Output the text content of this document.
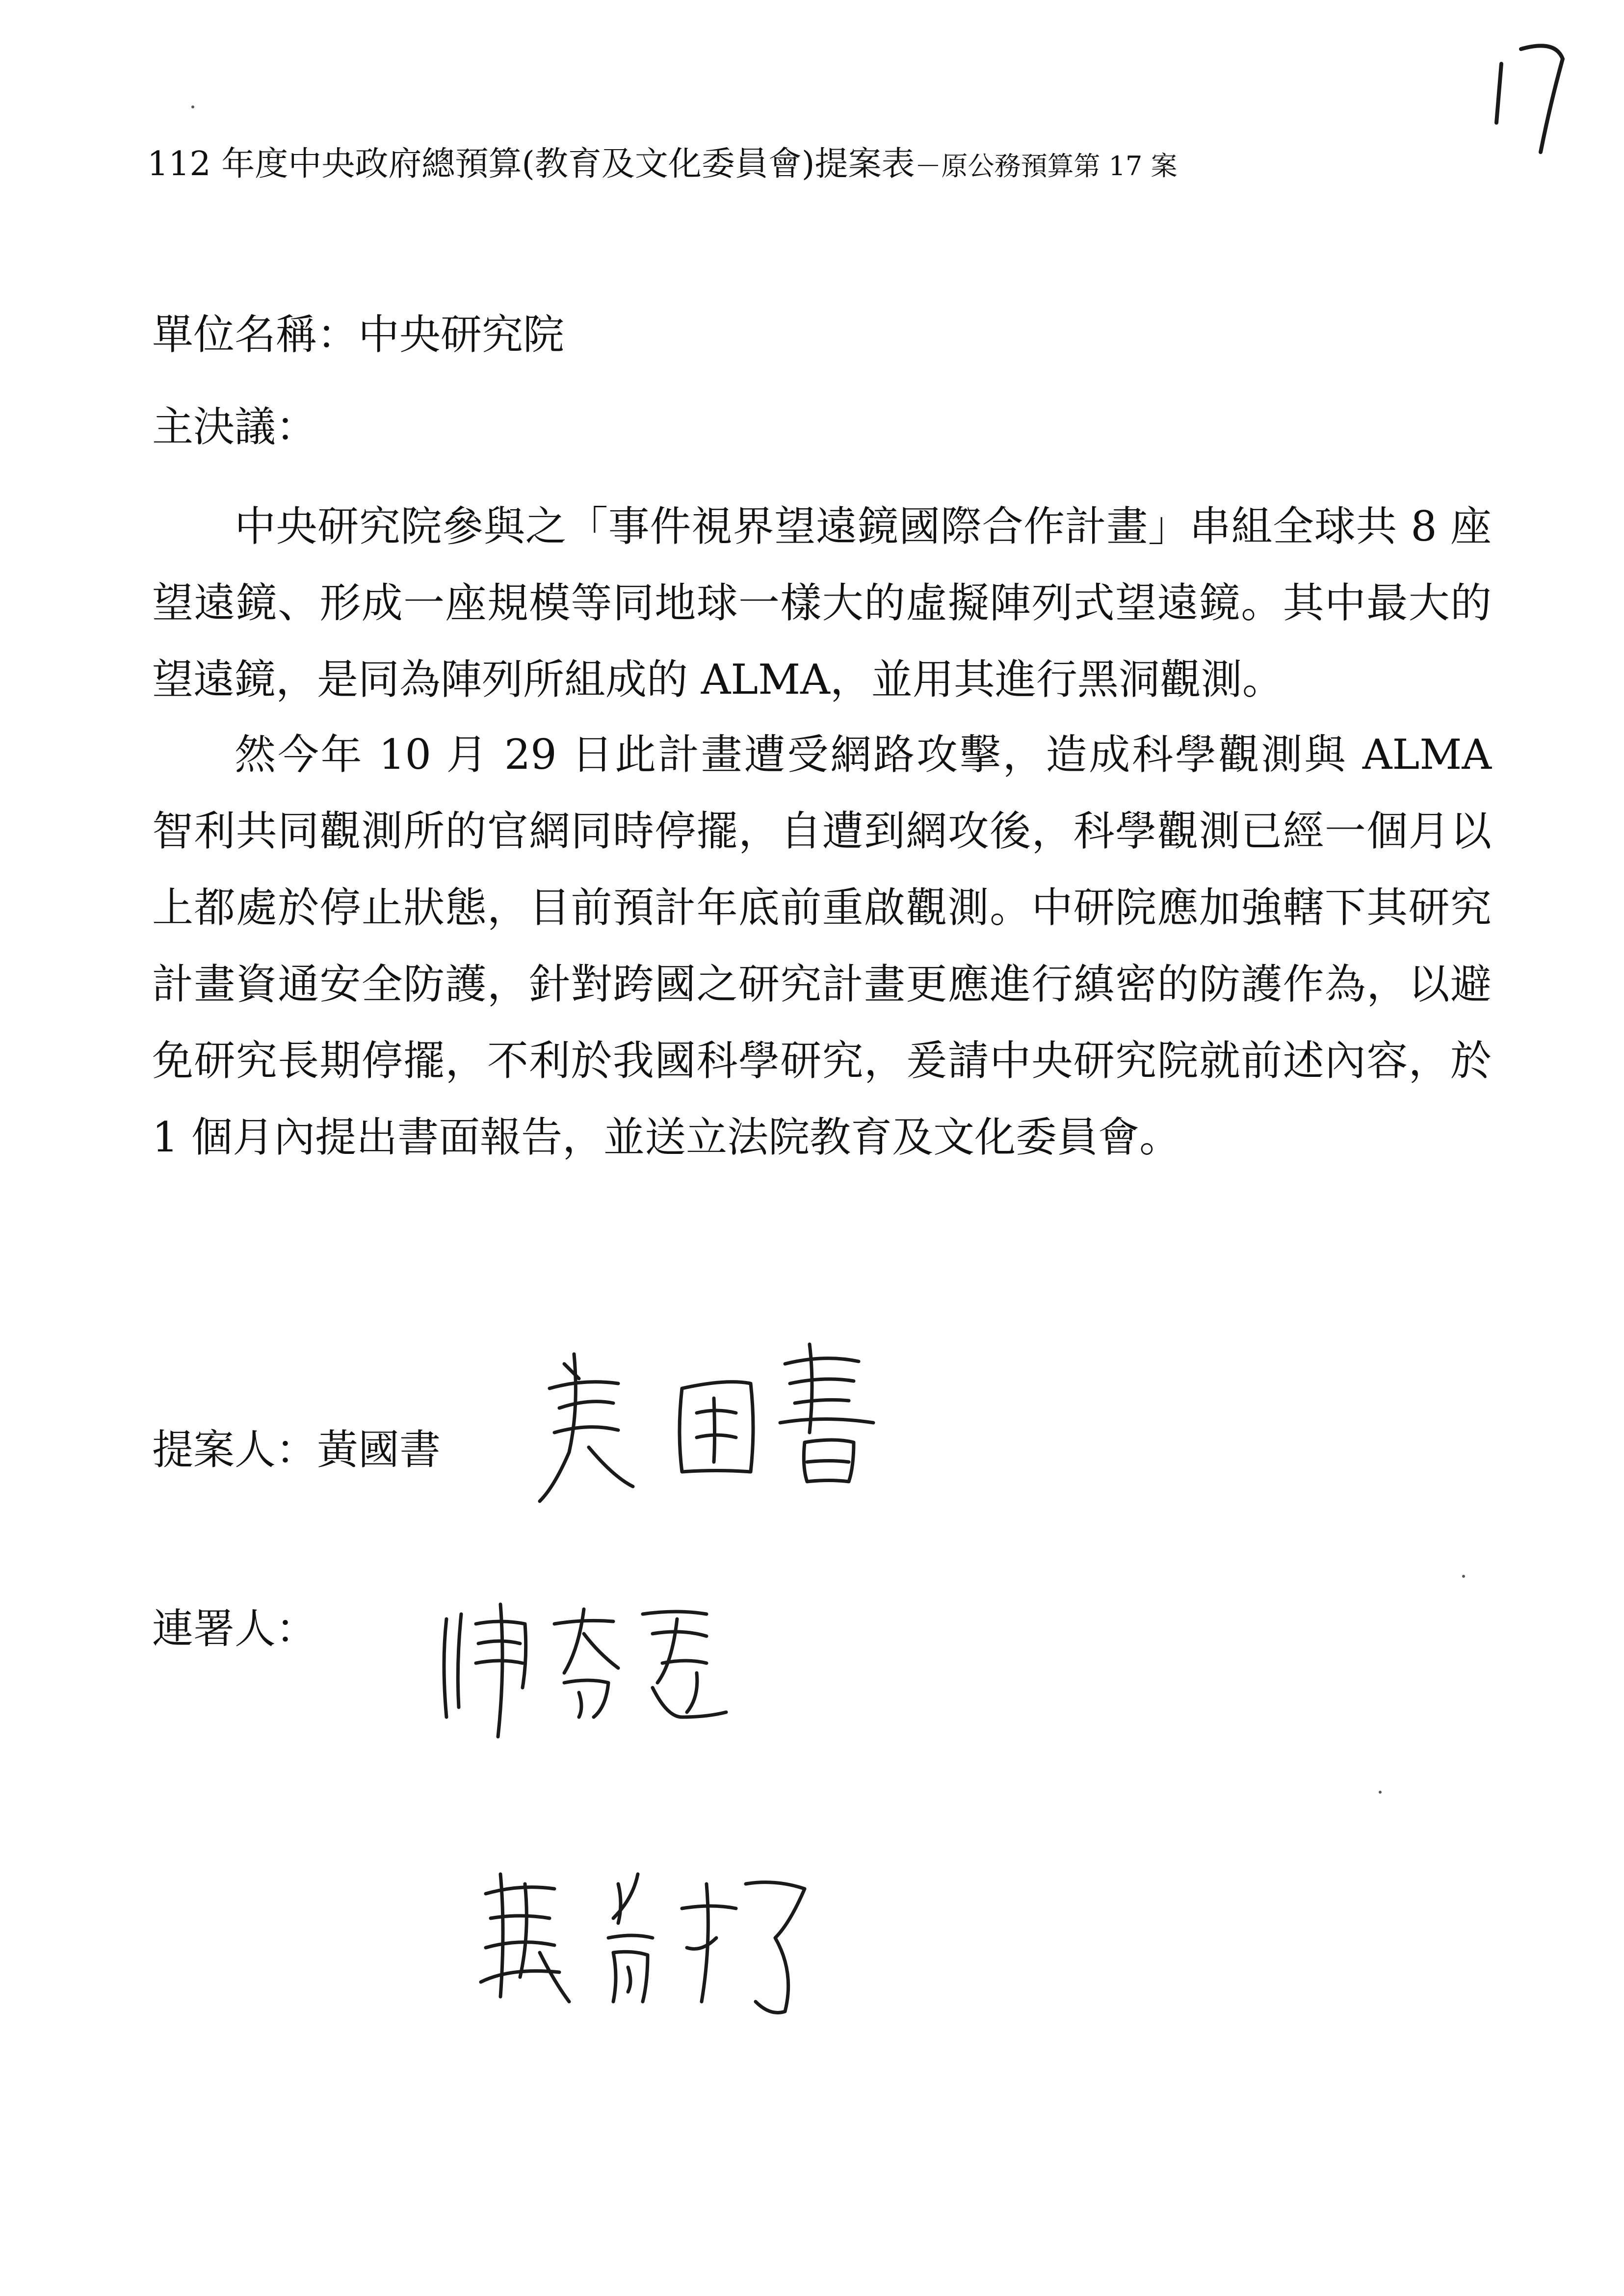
112 年度中央政府總預算(教育及文化委員會)提案表－原公務預算第 17 案
單位名稱：中央研究院
主決議：

中央研究院參與之「事件視界望遠鏡國際合作計畫」串組全球共 8 座望遠鏡、形成一座規模等同地球一樣大的虛擬陣列式望遠鏡。其中最大的望遠鏡，是同為陣列所組成的 ALMA，並用其進行黑洞觀測。

然今年 10 月 29 日此計畫遭受網路攻擊，造成科學觀測與 ALMA 智利共同觀測所的官網同時停擺，自遭到網攻後，科學觀測已經一個月以上都處於停止狀態，目前預計年底前重啟觀測。中研院應加強轄下其研究計畫資通安全防護，針對跨國之研究計畫更應進行縝密的防護作為，以避免研究長期停擺，不利於我國科學研究，爰請中央研究院就前述內容，於 1 個月內提出書面報告，並送立法院教育及文化委員會。

提案人：黃國書
連署人：
